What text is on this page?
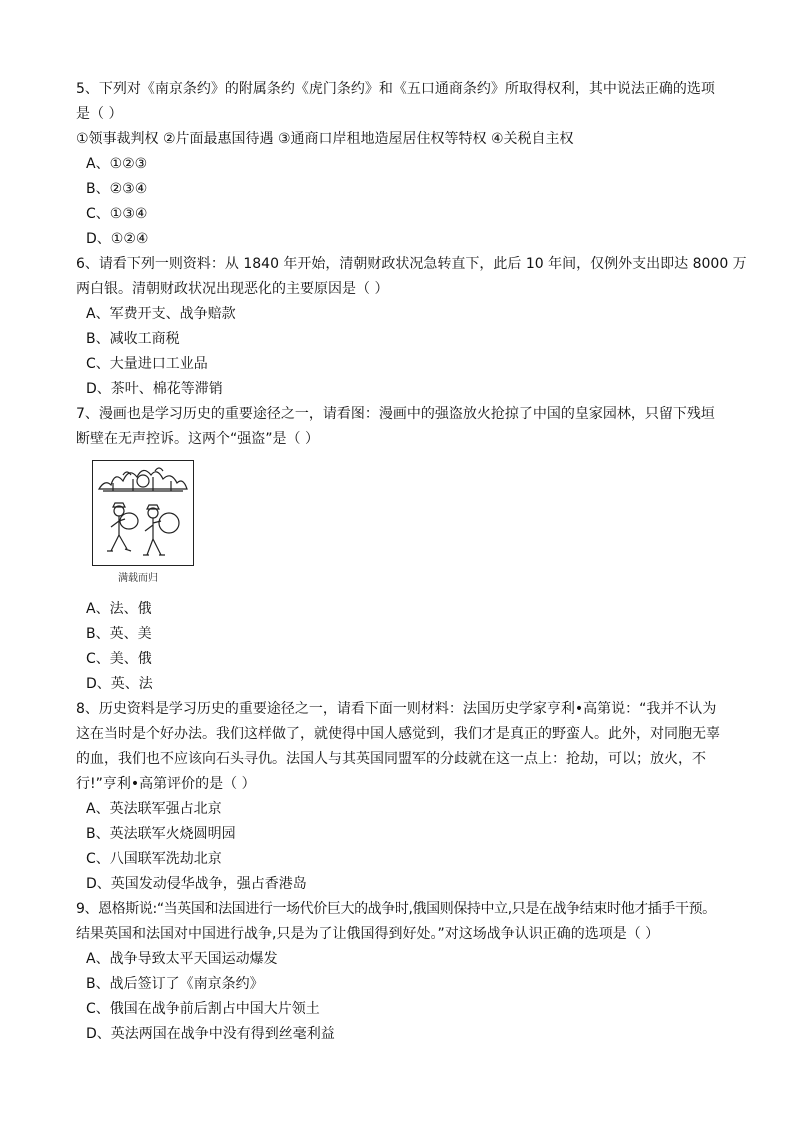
5、下列对《南京条约》的附属条约《虎门条约》和《五口通商条约》所取得权利，其中说法正确的选项
是（ ）
①领事裁判权 ②片面最惠国待遇 ③通商口岸租地造屋居住权等特权 ④关税自主权
A、①②③
B、②③④
C、①③④
D、①②④
6、请看下列一则资料：从 1840 年开始，清朝财政状况急转直下，此后 10 年间，仅例外支出即达 8000 万
两白银。清朝财政状况出现恶化的主要原因是（ ）
A、军费开支、战争赔款
B、减收工商税
C、大量进口工业品
D、茶叶、棉花等滞销
7、漫画也是学习历史的重要途径之一，请看图：漫画中的强盗放火抢掠了中国的皇家园林，只留下残垣
断壁在无声控诉。这两个“强盗”是（ ）
满载而归
A、法、俄
B、英、美
C、美、俄
D、英、法
8、历史资料是学习历史的重要途径之一，请看下面一则材料：法国历史学家亨利•高第说：“我并不认为
这在当时是个好办法。我们这样做了，就使得中国人感觉到，我们才是真正的野蛮人。此外，对同胞无辜
的血，我们也不应该向石头寻仇。法国人与其英国同盟军的分歧就在这一点上：抢劫，可以；放火，不
行!”亨利•高第评价的是（ ）
A、英法联军强占北京
B、英法联军火烧圆明园
C、八国联军洗劫北京
D、英国发动侵华战争，强占香港岛
9、恩格斯说:“当英国和法国进行一场代价巨大的战争时,俄国则保持中立,只是在战争结束时他才插手干预。
结果英国和法国对中国进行战争,只是为了让俄国得到好处。”对这场战争认识正确的选项是（ ）
A、战争导致太平天国运动爆发
B、战后签订了《南京条约》
C、俄国在战争前后割占中国大片领土
D、英法两国在战争中没有得到丝毫利益
